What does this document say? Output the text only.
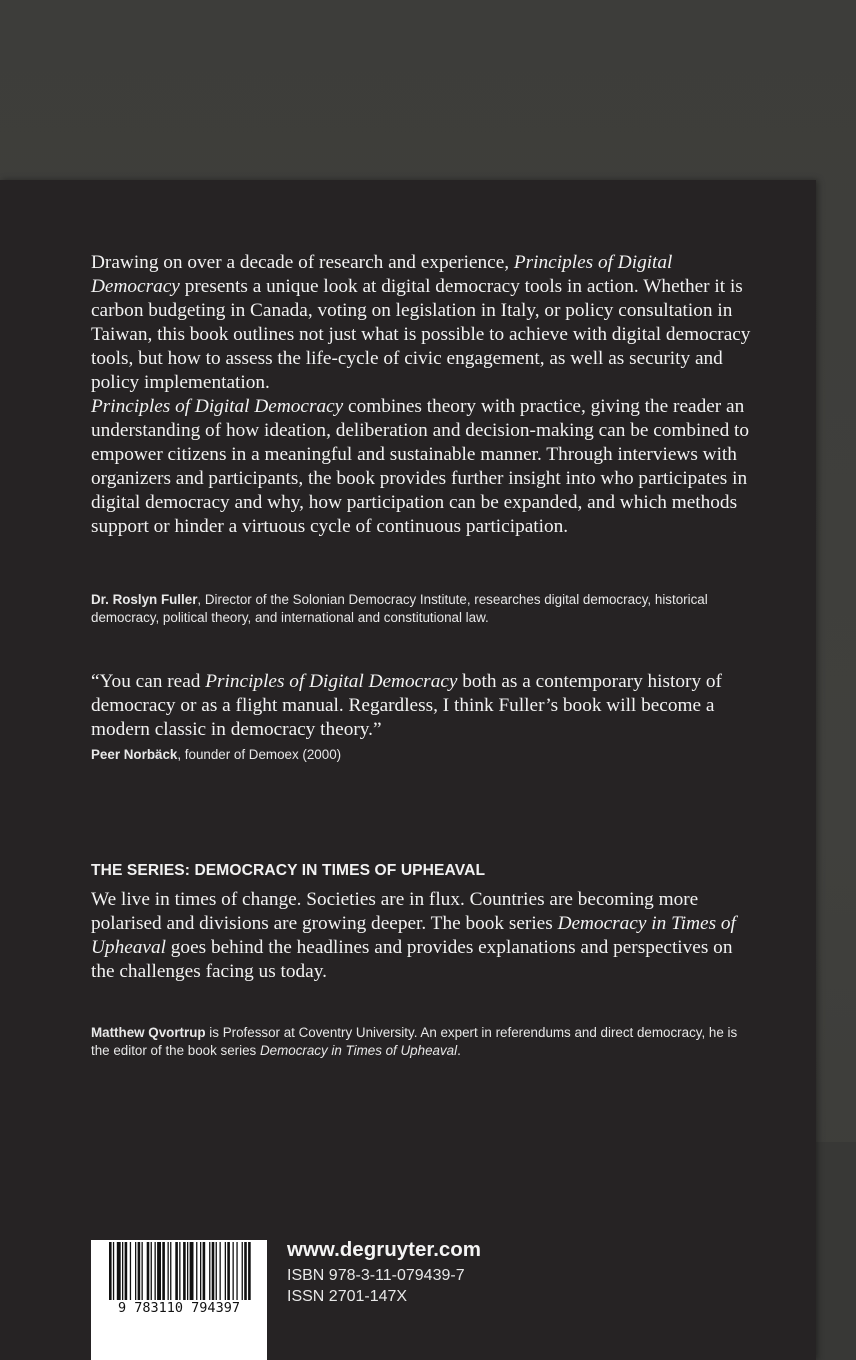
Drawing on over a decade of research and experience, Principles of Digital Democracy presents a unique look at digital democracy tools in action. Whether it is carbon budgeting in Canada, voting on legislation in Italy, or policy consultation in Taiwan, this book outlines not just what is possible to achieve with digital democracy tools, but how to assess the life-cycle of civic engagement, as well as security and policy implementation.

Principles of Digital Democracy combines theory with practice, giving the reader an understanding of how ideation, deliberation and decision-making can be combined to empower citizens in a meaningful and sustainable manner. Through interviews with organizers and participants, the book provides further insight into who participates in digital democracy and why, how participation can be expanded, and which methods support or hinder a virtuous cycle of continuous participation.

Dr. Roslyn Fuller, Director of the Solonian Democracy Institute, researches digital democracy, historical democracy, political theory, and international and constitutional law.

“You can read Principles of Digital Democracy both as a contemporary history of democracy or as a flight manual. Regardless, I think Fuller’s book will become a modern classic in democracy theory.”

Peer Norbäck, founder of Demoex (2000)
THE SERIES: DEMOCRACY IN TIMES OF UPHEAVAL

We live in times of change. Societies are in flux. Countries are becoming more polarised and divisions are growing deeper. The book series Democracy in Times of Upheaval goes behind the headlines and provides explanations and perspectives on the challenges facing us today.

Matthew Qvortrup is Professor at Coventry University. An expert in referendums and direct democracy, he is the editor of the book series Democracy in Times of Upheaval.

9 783110 794397
www.degruyter.com
ISBN 978-3-11-079439-7
ISSN 2701-147X
